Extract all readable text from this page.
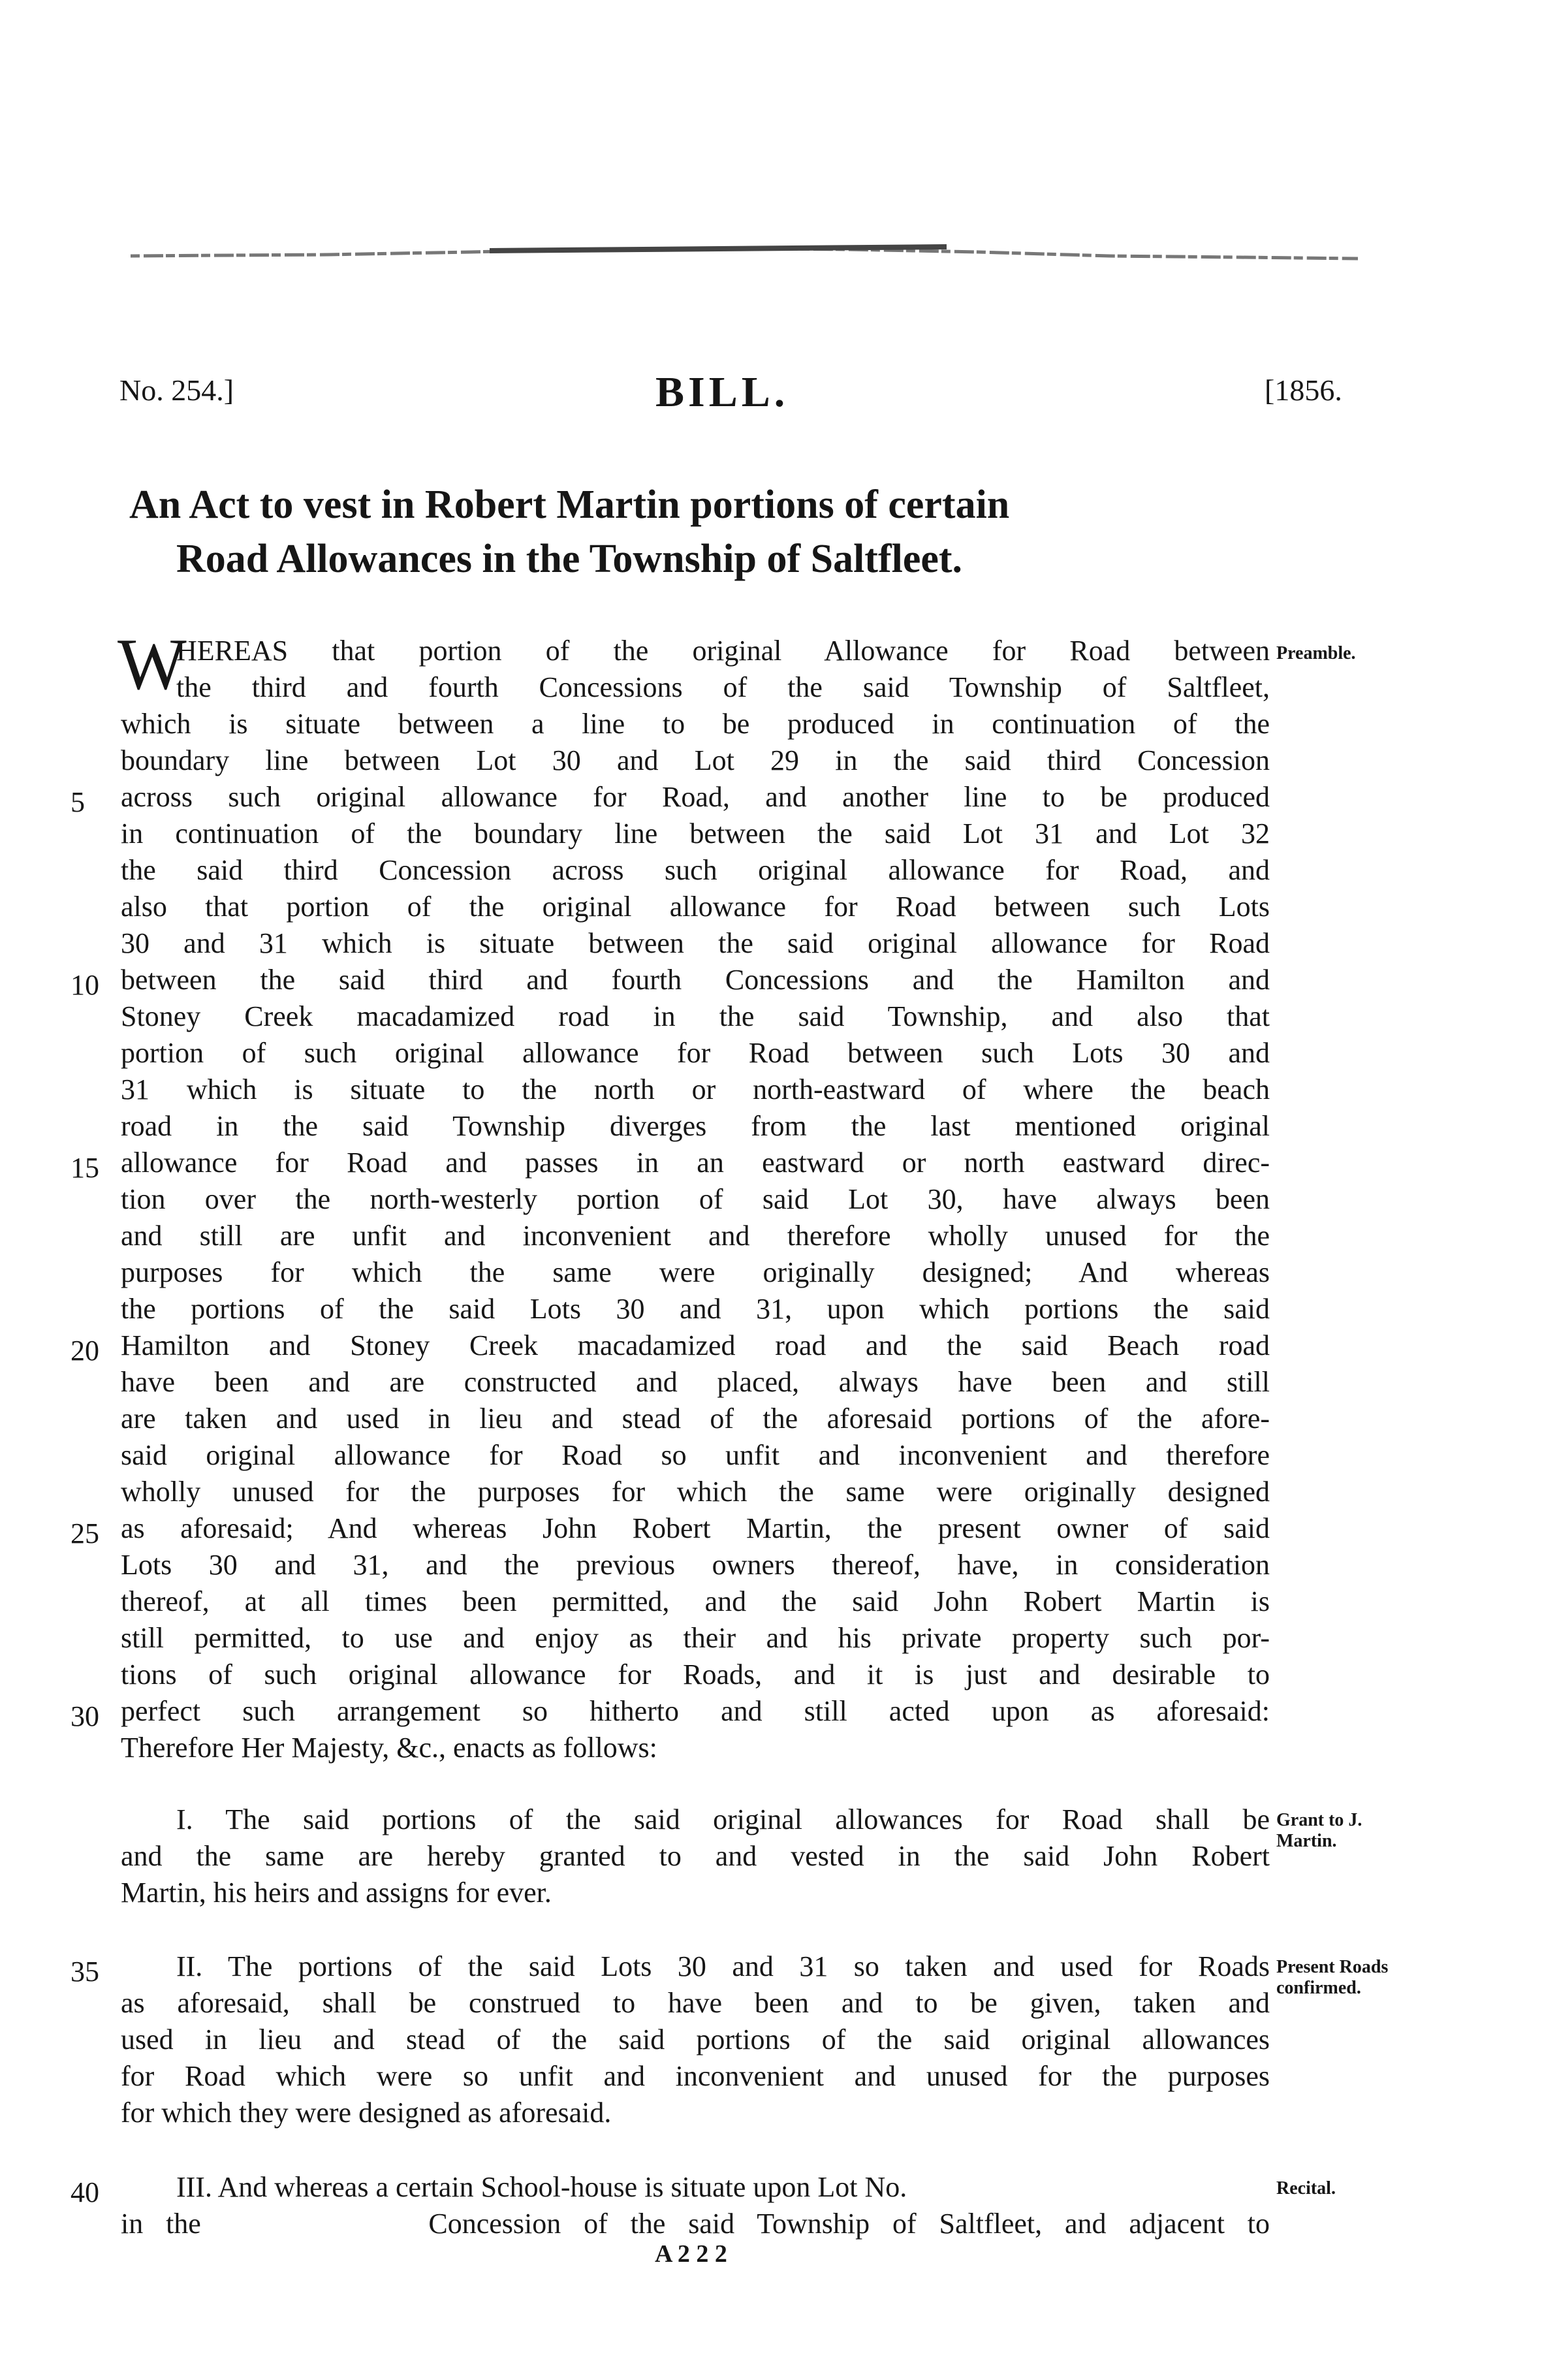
No. 254.]	BILL.	[1856.
An Act to vest in Robert Martin portions of certain
Road Allowances in the Township of Saltfleet.
W
HEREAS that portion of the original Allowance for Road between
the third and fourth Concessions of the said Township of Saltfleet,
which is situate between a line to be produced in continuation of the
boundary line between Lot 30 and Lot 29 in the said third Concession
across such original allowance for Road, and another line to be produced
in continuation of the boundary line between the said Lot 31 and Lot 32
the said third Concession across such original allowance for Road, and
also that portion of the original allowance for Road between such Lots
30 and 31 which is situate between the said original allowance for Road
between the said third and fourth Concessions and the Hamilton and
Stoney Creek macadamized road in the said Township, and also that
portion of such original allowance for Road between such Lots 30 and
31 which is situate to the north or north-eastward of where the beach
road in the said Township diverges from the last mentioned original
allowance for Road and passes in an eastward or north eastward direc-
tion over the north-westerly portion of said Lot 30, have always been
and still are unfit and inconvenient and therefore wholly unused for the
purposes for which the same were originally designed; And whereas
the portions of the said Lots 30 and 31, upon which portions the said
Hamilton and Stoney Creek macadamized road and the said Beach road
have been and are constructed and placed, always have been and still
are taken and used in lieu and stead of the aforesaid portions of the afore-
said original allowance for Road so unfit and inconvenient and therefore
wholly unused for the purposes for which the same were originally designed
as aforesaid; And whereas John Robert Martin, the present owner of said
Lots 30 and 31, and the previous owners thereof, have, in consideration
thereof, at all times been permitted, and the said John Robert Martin is
still permitted, to use and enjoy as their and his private property such por-
tions of such original allowance for Roads, and it is just and desirable to
perfect such arrangement so hitherto and still acted upon as aforesaid:
Therefore Her Majesty, &c., enacts as follows:
I. The said portions of the said original allowances for Road shall be
and the same are hereby granted to and vested in the said John Robert
Martin, his heirs and assigns for ever.
II. The portions of the said Lots 30 and 31 so taken and used for Roads
as aforesaid, shall be construed to have been and to be given, taken and
used in lieu and stead of the said portions of the said original allowances
for Road which were so unfit and inconvenient and unused for the purposes
for which they were designed as aforesaid.
III. And whereas a certain School-house is situate upon Lot No.
in the          Concession of the said Township of Saltfleet, and adjacent to
5
10
15
20
25
30
35
40
Preamble.
Grant to J.
Martin.
Present Roads
confirmed.
Recital.
A 2 2 2
